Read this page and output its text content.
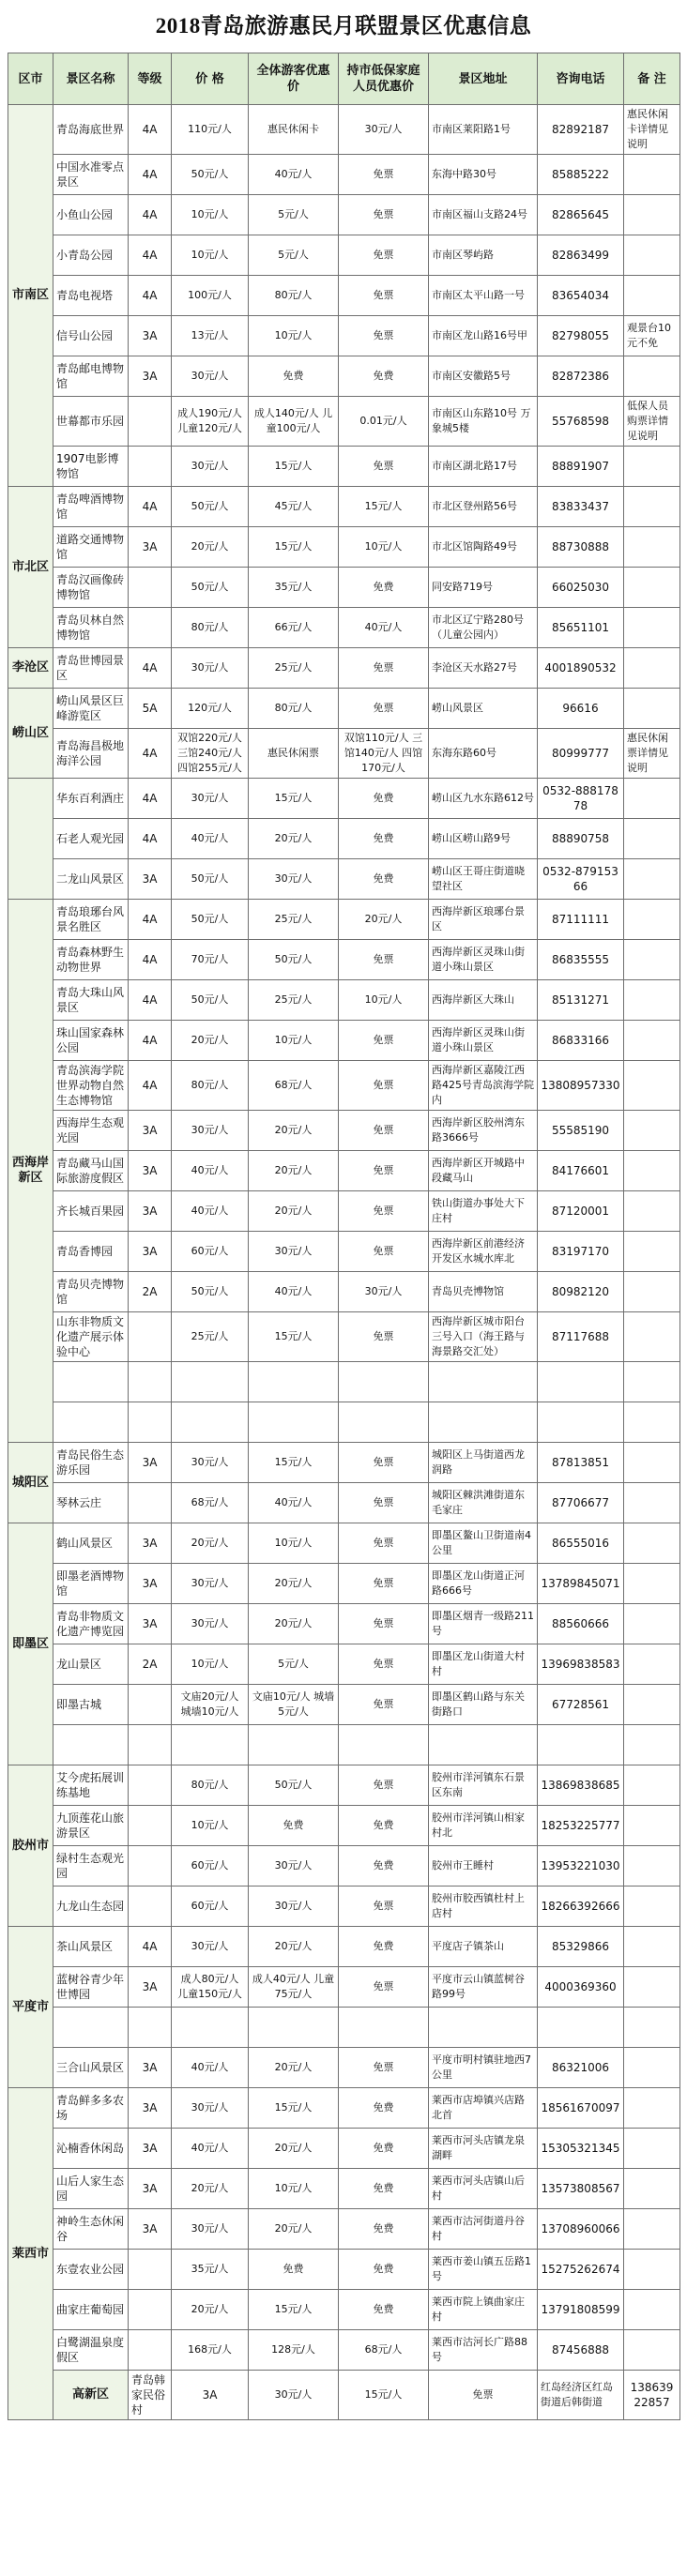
2018青岛旅游惠民月联盟景区优惠信息
区市	景区名称	等级	价 格	全体游客优惠价	持市低保家庭人员优惠价	景区地址	咨询电话	备 注	
市南区	青岛海底世界	4A	110元/人	惠民休闲卡	30元/人	市南区莱阳路1号	82892187	惠民休闲卡详情见说明	
	中国水准零点景区	4A	50元/人	40元/人	免票	东海中路30号	85885222		
	小鱼山公园	4A	10元/人	5元/人	免票	市南区福山支路24号	82865645		
	小青岛公园	4A	10元/人	5元/人	免票	市南区琴屿路	82863499		
	青岛电视塔	4A	100元/人	80元/人	免票	市南区太平山路一号	83654034		
	信号山公园	3A	13元/人	10元/人	免票	市南区龙山路16号甲	82798055	观景台10元不免	
	青岛邮电博物馆	3A	30元/人	免费	免费	市南区安徽路5号	82872386		
	世幕都市乐园		成人190元/人 儿童120元/人	成人140元/人 儿童100元/人	0.01元/人	市南区山东路10号 万象城5楼	55768598	低保人员购票详情见说明	
	1907电影博物馆		30元/人	15元/人	免票	市南区湖北路17号	88891907		
市北区	青岛啤酒博物馆	4A	50元/人	45元/人	15元/人	市北区登州路56号	83833437		
	道路交通博物馆	3A	20元/人	15元/人	10元/人	市北区馆陶路49号	88730888		
	青岛汉画像砖博物馆		50元/人	35元/人	免费	同安路719号	66025030		
	青岛贝林自然博物馆		80元/人	66元/人	40元/人	市北区辽宁路280号（儿童公园内）	85651101		
李沧区	青岛世博园景区	4A	30元/人	25元/人	免票	李沧区天水路27号	4001890532		
崂山区	崂山风景区巨峰游览区	5A	120元/人	80元/人	免票	崂山风景区	96616		
	青岛海昌极地海洋公园	4A	双馆220元/人 三馆240元/人 四馆255元/人	惠民休闲票	双馆110元/人 三馆140元/人 四馆170元/人	东海东路60号	80999777	惠民休闲票详情见说明	
	华东百利酒庄	4A	30元/人	15元/人	免费	崂山区九水东路612号	0532-88817878		
	石老人观光园	4A	40元/人	20元/人	免费	崂山区崂山路9号	88890758		
	二龙山风景区	3A	50元/人	30元/人	免费	崂山区王哥庄街道晓望社区	0532-87915366		
西海岸新区	青岛琅琊台风景名胜区	4A	50元/人	25元/人	20元/人	西海岸新区琅琊台景区	87111111		
	青岛森林野生动物世界	4A	70元/人	50元/人	免票	西海岸新区灵珠山街道小珠山景区	86835555		
	青岛大珠山风景区	4A	50元/人	25元/人	10元/人	西海岸新区大珠山	85131271		
	珠山国家森林公园	4A	20元/人	10元/人	免票	西海岸新区灵珠山街道小珠山景区	86833166		
	青岛滨海学院世界动物自然生态博物馆	4A	80元/人	68元/人	免票	西海岸新区嘉陵江西路425号青岛滨海学院内	13808957330		
	西海岸生态观光园	3A	30元/人	20元/人	免票	西海岸新区胶州湾东路3666号	55585190		
	青岛藏马山国际旅游度假区	3A	40元/人	20元/人	免票	西海岸新区开城路中段藏马山	84176601		
	齐长城百果园	3A	40元/人	20元/人	免票	铁山街道办事处大下庄村	87120001		
	青岛香博园	3A	60元/人	30元/人	免票	西海岸新区前港经济开发区水城水库北	83197170		
	青岛贝壳博物馆	2A	50元/人	40元/人	30元/人	青岛贝壳博物馆	80982120		
	山东非物质文化遗产展示体验中心		25元/人	15元/人	免票	西海岸新区城市阳台三号入口（海王路与海景路交汇处）	87117688		

城阳区	青岛民俗生态游乐园	3A	30元/人	15元/人	免票	城阳区上马街道西龙润路	87813851		
	琴林云庄		68元/人	40元/人	免票	城阳区棘洪滩街道东毛家庄	87706677		
即墨区	鹤山风景区	3A	20元/人	10元/人	免票	即墨区鳌山卫街道南4公里	86555016		
	即墨老酒博物馆	3A	30元/人	20元/人	免票	即墨区龙山街道正河路666号	13789845071		
	青岛非物质文化遗产博览园	3A	30元/人	20元/人	免票	即墨区烟青一级路211号	88560666		
	龙山景区	2A	10元/人	5元/人	免票	即墨区龙山街道大村村	13969838583		
	即墨古城		文庙20元/人 城墙10元/人	文庙10元/人 城墙5元/人	免票	即墨区鹤山路与东关街路口	67728561		

胶州市	艾今虎拓展训练基地		80元/人	50元/人	免票	胶州市洋河镇东石景区东南	13869838685		
	九顶莲花山旅游景区		10元/人	免费	免费	胶州市洋河镇山相家村北	18253225777		
	绿村生态观光园		60元/人	30元/人	免费	胶州市王睡村	13953221030		
	九龙山生态园		60元/人	30元/人	免票	胶州市胶西镇杜村上店村	18266392666		
平度市	茶山风景区	4A	30元/人	20元/人	免费	平度店子镇茶山	85329866		
	蓝树谷青少年世博园	3A	成人80元/人 儿童150元/人	成人40元/人 儿童75元/人	免票	平度市云山镇蓝树谷路99号	4000369360		

	三合山风景区	3A	40元/人	20元/人	免票	平度市明村镇驻地西7公里	86321006		
莱西市	青岛鲜多多农场	3A	30元/人	15元/人	免费	莱西市店埠镇兴店路北首	18561670097		
	沁楠香休闲岛	3A	40元/人	20元/人	免费	莱西市河头店镇龙泉湖畔	15305321345		
	山后人家生态园	3A	20元/人	10元/人	免费	莱西市河头店镇山后村	13573808567		
	神岭生态休闲谷	3A	30元/人	20元/人	免费	莱西市沽河街道丹谷村	13708960066		
	东壹农业公园		35元/人	免费	免费	莱西市姜山镇五岳路1号	15275262674		
	曲家庄葡萄园		20元/人	15元/人	免费	莱西市院上镇曲家庄村	13791808599		
	白鹭湖温泉度假区		168元/人	128元/人	68元/人	莱西市沽河长广路88号	87456888		
	高新区	青岛韩家民俗村	3A	30元/人	15元/人	免票	红岛经济区红岛街道后韩街道	13863922857	
